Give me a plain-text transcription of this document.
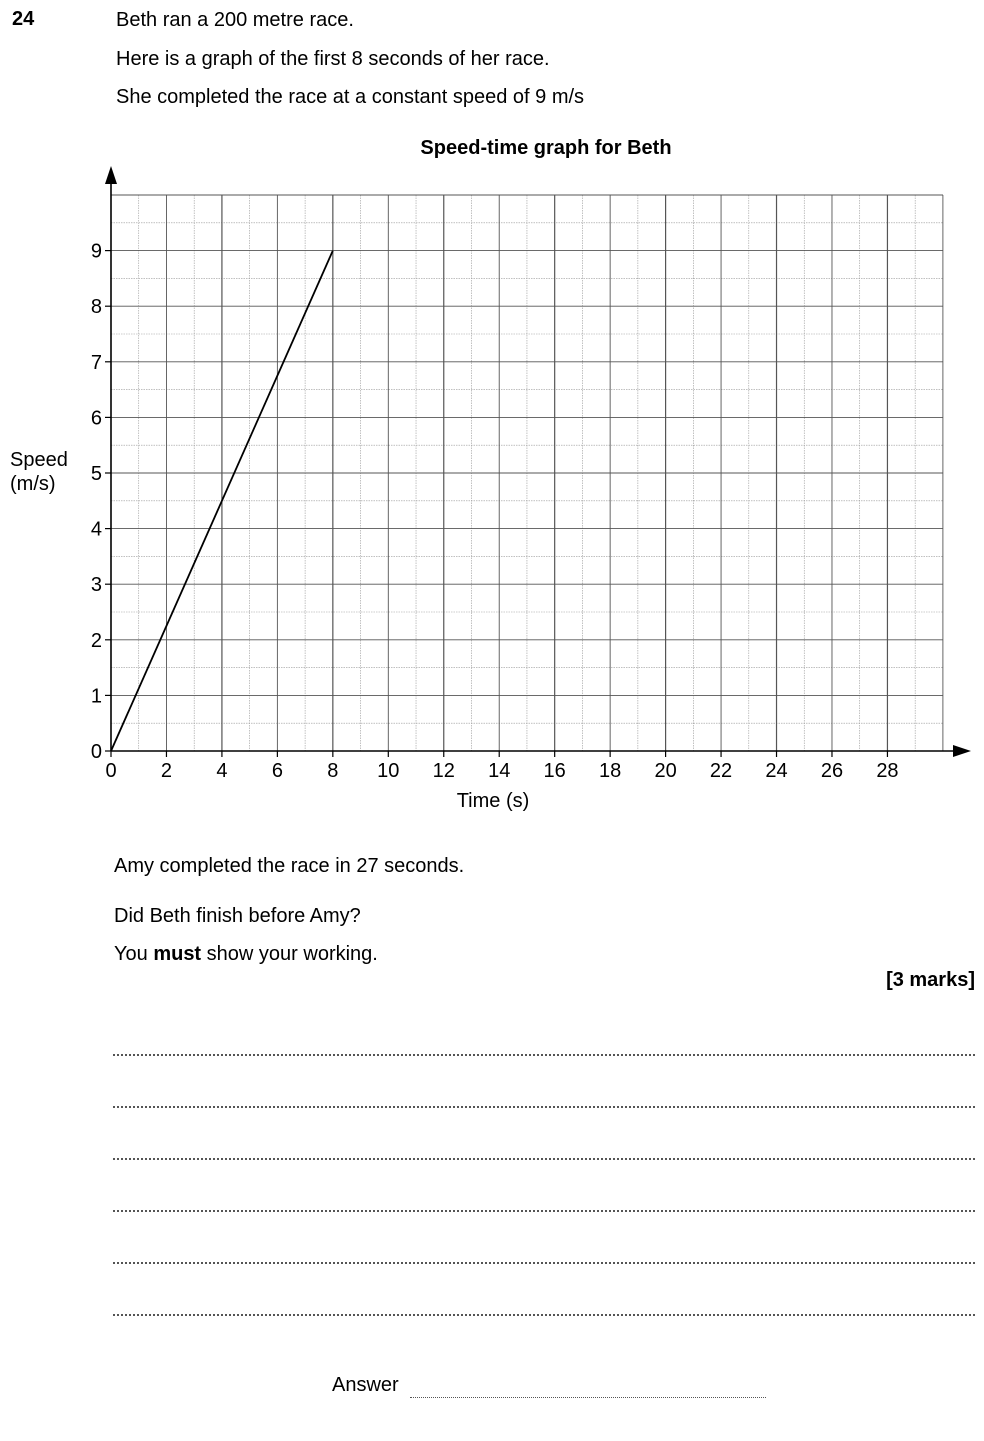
24	Beth ran a 200 metre race.
Here is a graph of the first 8 seconds of her race.
She completed the race at a constant speed of 9 m/s
Speed-time graph for Beth
Speed
(m/s)
0
1
2
3
4
5
6
7
8
9
0 2 4 6 8 10 12 14 16 18 20 22 24 26 28
Time (s)
Amy completed the race in 27 seconds.
Did Beth finish before Amy?
You must show your working.
[3 marks]
Answer
